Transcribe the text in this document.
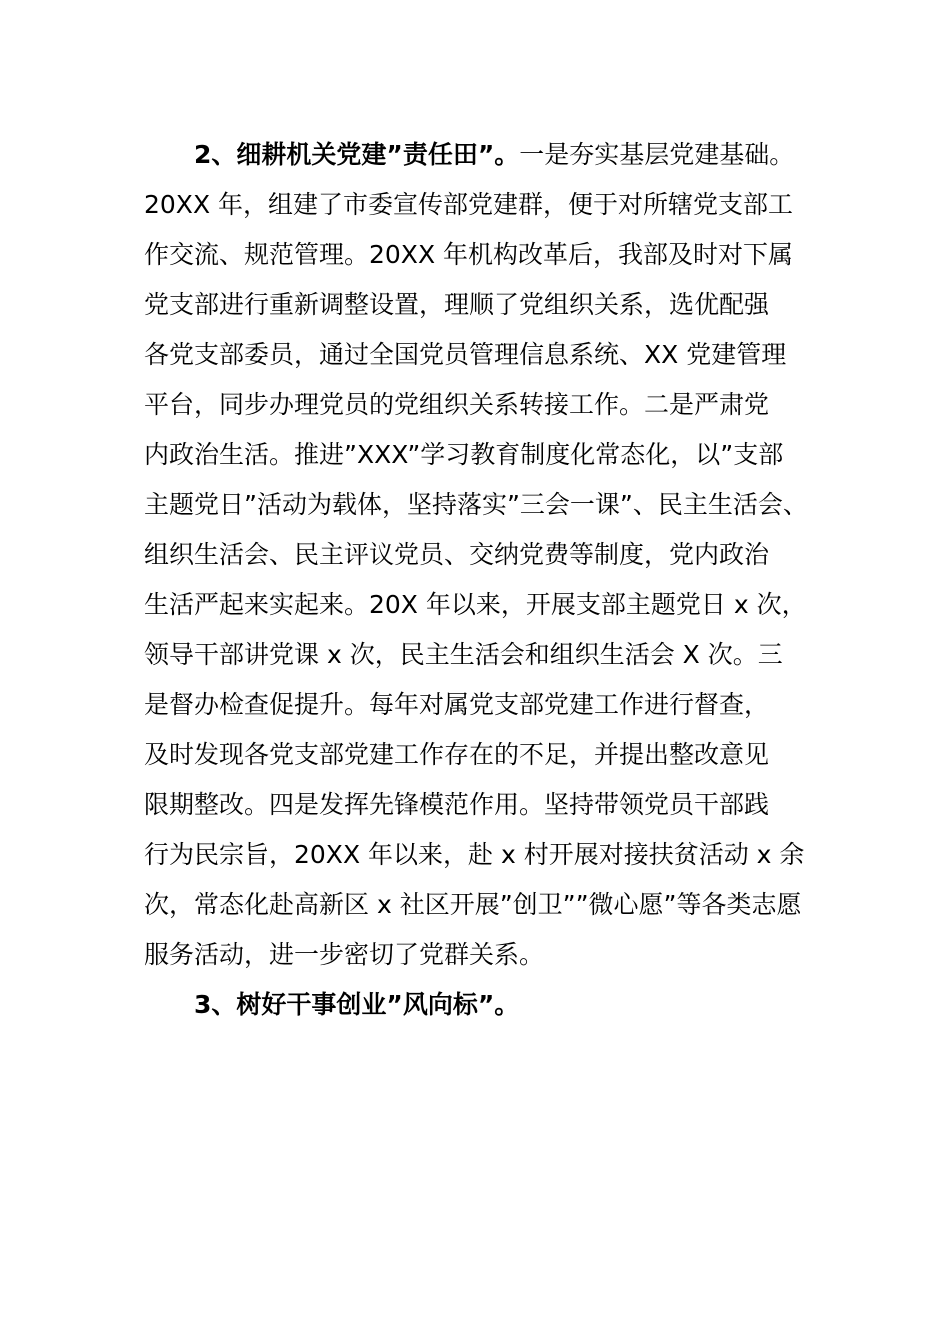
2、细耕机关党建”责任田”。一是夯实基层党建基础。
20XX 年，组建了市委宣传部党建群，便于对所辖党支部工
作交流、规范管理。20XX 年机构改革后，我部及时对下属
党支部进行重新调整设置，理顺了党组织关系，选优配强
各党支部委员，通过全国党员管理信息系统、XX 党建管理
平台，同步办理党员的党组织关系转接工作。二是严肃党
内政治生活。推进”XXX”学习教育制度化常态化，以”支部
主题党日”活动为载体，坚持落实”三会一课”、民主生活会、
组织生活会、民主评议党员、交纳党费等制度，党内政治
生活严起来实起来。20X 年以来，开展支部主题党日 x 次，
领导干部讲党课 x 次，民主生活会和组织生活会 X 次。三
是督办检查促提升。每年对属党支部党建工作进行督查，
及时发现各党支部党建工作存在的不足，并提出整改意见
限期整改。四是发挥先锋模范作用。坚持带领党员干部践
行为民宗旨，20XX 年以来，赴 x 村开展对接扶贫活动 x 余
次，常态化赴高新区 x 社区开展”创卫””微心愿”等各类志愿
服务活动，进一步密切了党群关系。
3、树好干事创业”风向标”。
